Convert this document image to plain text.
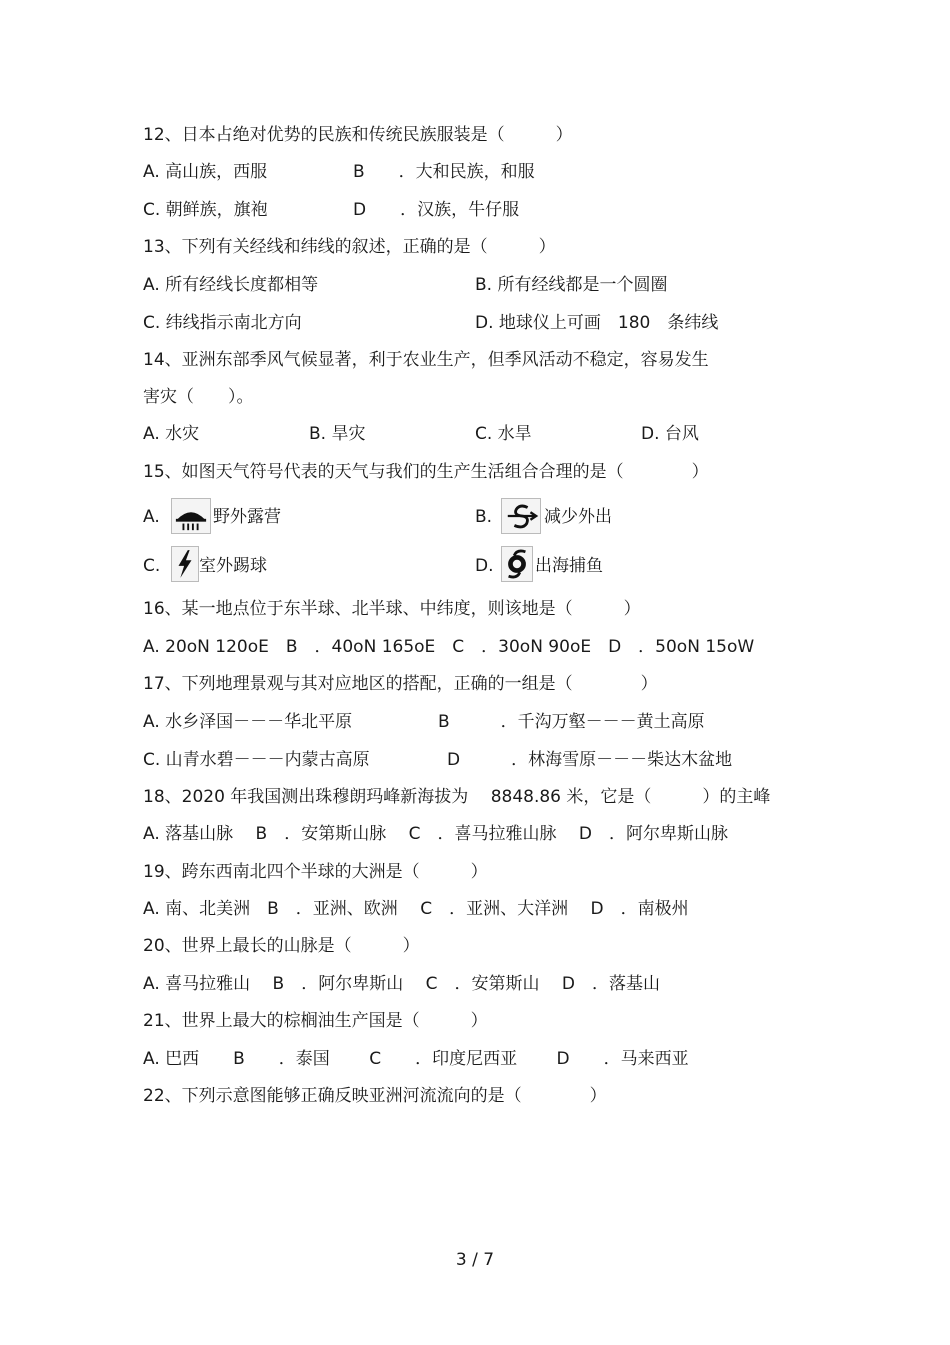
12、日本占绝对优势的民族和传统民族服装是（　　　）
A. 高山族，西服	B　　．大和民族，和服
C. 朝鲜族，旗袍	D　　．汉族，牛仔服
13、下列有关经线和纬线的叙述，正确的是（　　　）
A. 所有经线长度都相等	B. 所有经线都是一个圆圈
C. 纬线指示南北方向	D. 地球仪上可画　180　条纬线
14、亚洲东部季风气候显著，利于农业生产，但季风活动不稳定，容易发生
害灾（　　）。
A. 水灾	B. 旱灾	C. 水旱	D. 台风
15、如图天气符号代表的天气与我们的生产生活组合合理的是（　　　　）
A.	野外露营	B.	减少外出
C. 室外踢球	D. 出海捕鱼
16、某一地点位于东半球、北半球、中纬度，则该地是（　　　）
A. 20oN 120oE　B　．40oN 165oE　C　．30oN 90oE　D　．50oN 15oW
17、下列地理景观与其对应地区的搭配，正确的一组是（　　　　）
A. 水乡泽国－－－华北平原	B　　　．千沟万壑－－－黄土高原
C. 山青水碧－－－内蒙古高原	D　　　．林海雪原－－－柴达木盆地
18、2020 年我国测出珠穆朗玛峰新海拔为　 8848.86 米，它是（　　　）的主峰
A. 落基山脉　 B　．安第斯山脉　 C　．喜马拉雅山脉　 D　．阿尔卑斯山脉
19、跨东西南北四个半球的大洲是（　　　）
A. 南、北美洲　B　．亚洲、欧洲　 C　．亚洲、大洋洲　 D　．南极州
20、世界上最长的山脉是（　　　）
A. 喜马拉雅山　 B　．阿尔卑斯山　 C　．安第斯山　 D　．落基山
21、世界上最大的棕榈油生产国是（　　　）
A. 巴西　　B　　．泰国　　 C　　．印度尼西亚　　 D　　．马来西亚
22、下列示意图能够正确反映亚洲河流流向的是（　　　　）
3 / 7
